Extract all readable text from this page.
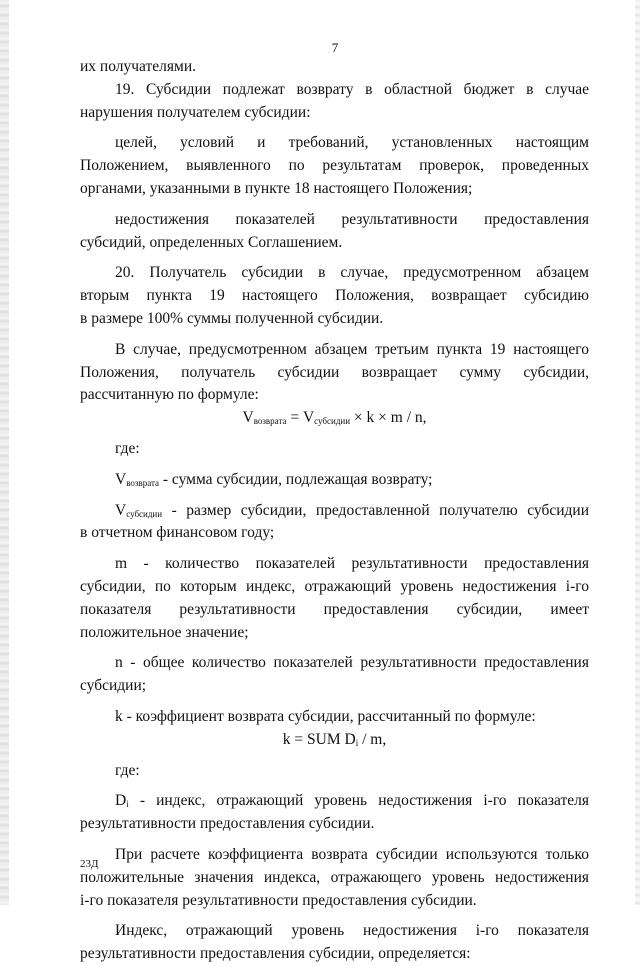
7
их получателями.
19. Субсидии подлежат возврату в областной бюджет в случае
нарушения получателем субсидии:
целей, условий и требований, установленных настоящим
Положением, выявленного по результатам проверок, проведенных
органами, указанными в пункте 18 настоящего Положения;
недостижения показателей результативности предоставления
субсидий, определенных Соглашением.
20. Получатель субсидии в случае, предусмотренном абзацем
вторым пункта 19 настоящего Положения, возвращает субсидию
в размере 100% суммы полученной субсидии.
В случае, предусмотренном абзацем третьим пункта 19 настоящего
Положения, получатель субсидии возвращает сумму субсидии,
рассчитанную по формуле:
$V_{возврата} = V_{субсидии} \times k \times m / n$,
где:
$V_{возврата}$ - сумма субсидии, подлежащая возврату;
$V_{субсидии}$ - размер субсидии, предоставленной получателю субсидии
в отчетном финансовом году;
m - количество показателей результативности предоставления
субсидии, по которым индекс, отражающий уровень недостижения i-го
показателя результативности предоставления субсидии, имеет
положительное значение;
n - общее количество показателей результативности предоставления
субсидии;
k - коэффициент возврата субсидии, рассчитанный по формуле:
k = SUM $D_i$ / m,
где:
$D_i$ - индекс, отражающий уровень недостижения i-го показателя
результативности предоставления субсидии.
При расчете коэффициента возврата субсидии используются только
положительные значения индекса, отражающего уровень недостижения
i-го показателя результативности предоставления субсидии.
Индекс, отражающий уровень недостижения i-го показателя
результативности предоставления субсидии, определяется:
23Д
